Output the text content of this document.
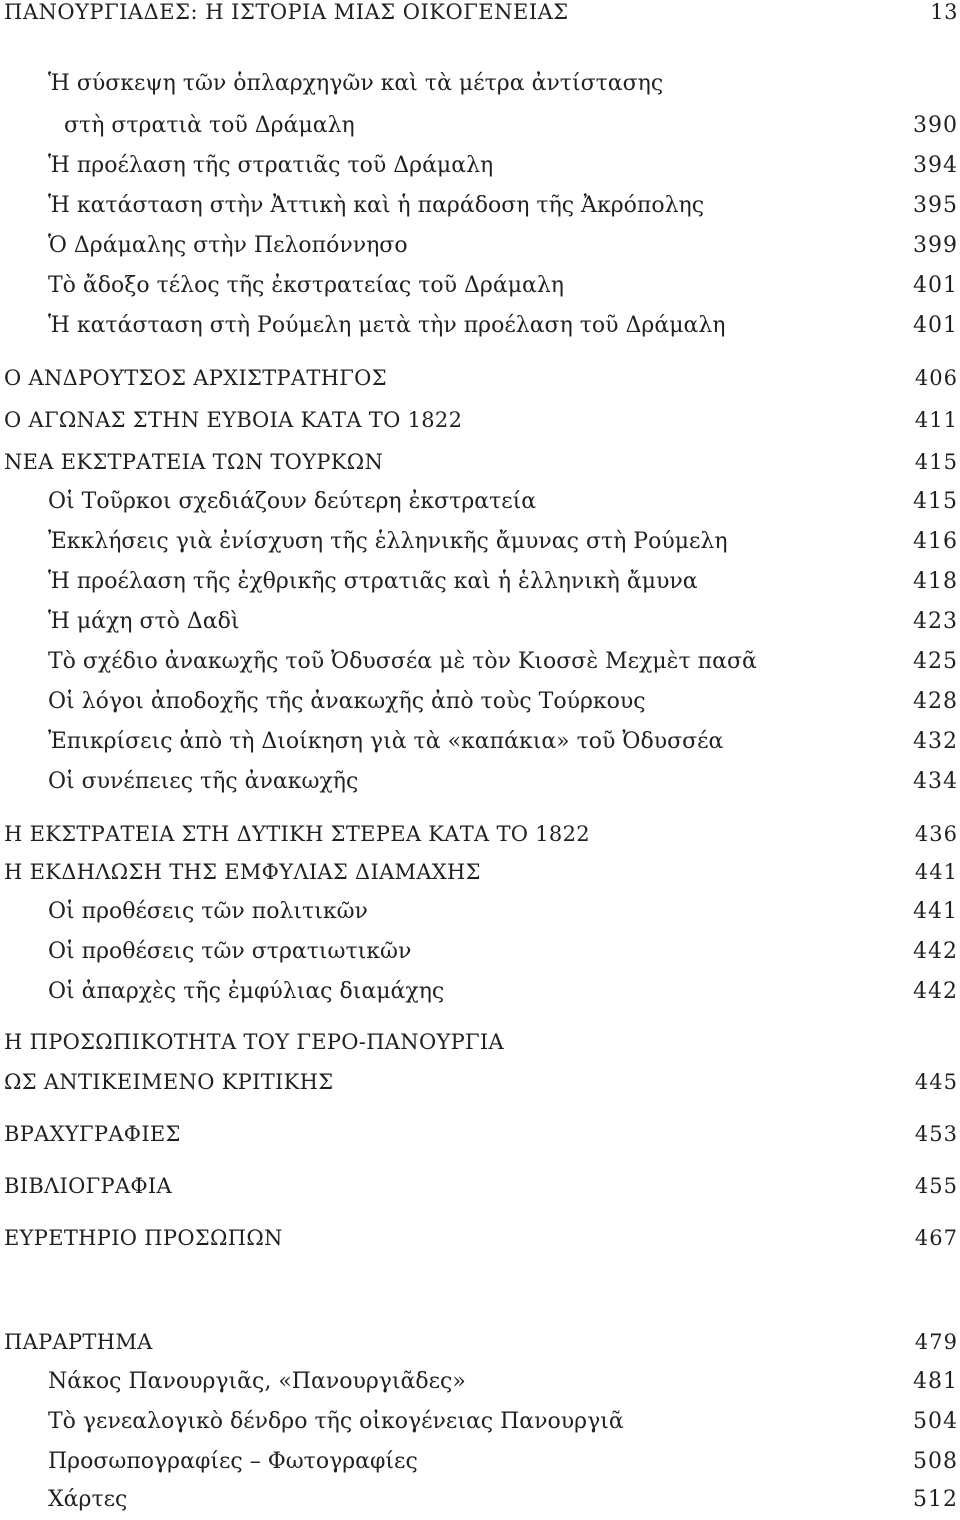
ΠΑΝΟΥΡΓΙΑΔΕΣ: Η ΙΣΤΟΡΙΑ ΜΙΑΣ ΟΙΚΟΓΕΝΕΙΑΣ	13
Ἡ σύσκεψη τῶν ὁπλαρχηγῶν καὶ τὰ μέτρα ἀντίστασης
στὴ στρατιὰ τοῦ Δράμαλη	390
Ἡ προέλαση τῆς στρατιᾶς τοῦ Δράμαλη	394
Ἡ κατάσταση στὴν Ἀττικὴ καὶ ἡ παράδοση τῆς Ἀκρόπολης	395
Ὁ Δράμαλης στὴν Πελοπόννησο	399
Τὸ ἄδοξο τέλος τῆς ἐκστρατείας τοῦ Δράμαλη	401
Ἡ κατάσταση στὴ Ρούμελη μετὰ τὴν προέλαση τοῦ Δράμαλη	401
Ο ΑΝΔΡΟΥΤΣΟΣ ΑΡΧΙΣΤΡΑΤΗΓΟΣ	406
Ο ΑΓΩΝΑΣ ΣΤΗΝ ΕΥΒΟΙΑ ΚΑΤΑ ΤΟ 1822	411
ΝΕΑ ΕΚΣΤΡΑΤΕΙΑ ΤΩΝ ΤΟΥΡΚΩΝ	415
Οἱ Τοῦρκοι σχεδιάζουν δεύτερη ἐκστρατεία	415
Ἐκκλήσεις γιὰ ἐνίσχυση τῆς ἑλληνικῆς ἄμυνας στὴ Ρούμελη	416
Ἡ προέλαση τῆς ἐχθρικῆς στρατιᾶς καὶ ἡ ἑλληνικὴ ἄμυνα	418
Ἡ μάχη στὸ Δαδὶ	423
Τὸ σχέδιο ἀνακωχῆς τοῦ Ὀδυσσέα μὲ τὸν Κιοσσὲ Μεχμὲτ πασᾶ	425
Οἱ λόγοι ἀποδοχῆς τῆς ἀνακωχῆς ἀπὸ τοὺς Τούρκους	428
Ἐπικρίσεις ἀπὸ τὴ Διοίκηση γιὰ τὰ «καπάκια» τοῦ Ὀδυσσέα	432
Οἱ συνέπειες τῆς ἀνακωχῆς	434
Η ΕΚΣΤΡΑΤΕΙΑ ΣΤΗ ΔΥΤΙΚΗ ΣΤΕΡΕΑ ΚΑΤΑ ΤΟ 1822	436
Η ΕΚΔΗΛΩΣΗ ΤΗΣ ΕΜΦΥΛΙΑΣ ΔΙΑΜΑΧΗΣ	441
Οἱ προθέσεις τῶν πολιτικῶν	441
Οἱ προθέσεις τῶν στρατιωτικῶν	442
Οἱ ἀπαρχὲς τῆς ἐμφύλιας διαμάχης	442
Η ΠΡΟΣΩΠΙΚΟΤΗΤΑ ΤΟΥ ΓΕΡΟ-ΠΑΝΟΥΡΓΙΑ
ΩΣ ΑΝΤΙΚΕΙΜΕΝΟ ΚΡΙΤΙΚΗΣ	445
ΒΡΑΧΥΓΡΑΦΙΕΣ	453
ΒΙΒΛΙΟΓΡΑΦΙΑ	455
ΕΥΡΕΤΗΡΙΟ ΠΡΟΣΩΠΩΝ	467
ΠΑΡΑΡΤΗΜΑ	479
Νάκος Πανουργιᾶς, «Πανουργιᾶδες»	481
Τὸ γενεαλογικὸ δένδρο τῆς οἰκογένειας Πανουργιᾶ	504
Προσωπογραφίες – Φωτογραφίες	508
Χάρτες	512
